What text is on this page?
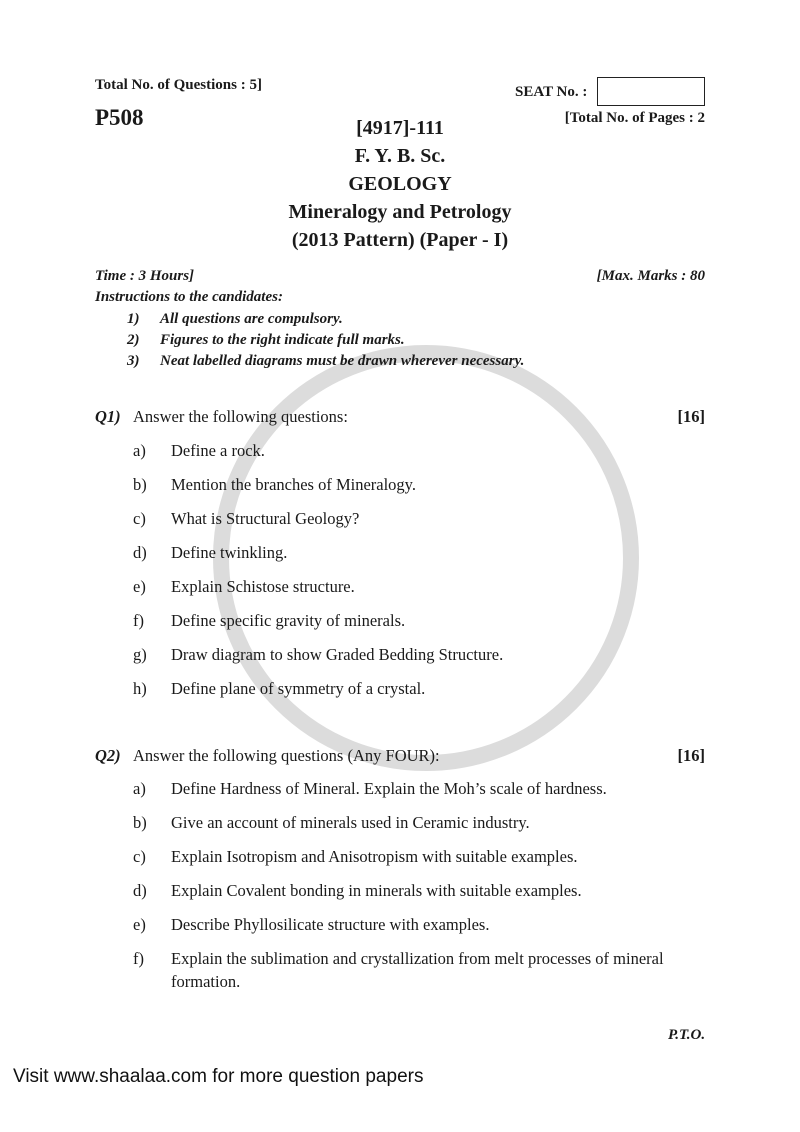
Total No. of Questions : 5]
P508
SEAT No. :
[Total No. of Pages : 2
[4917]-111
F. Y. B. Sc.
GEOLOGY
Mineralogy and Petrology
(2013 Pattern) (Paper - I)
Time : 3 Hours]	[Max. Marks : 80
Instructions to the candidates:
1) All questions are compulsory.
2) Figures to the right indicate full marks.
3) Neat labelled diagrams must be drawn wherever necessary.
Q1) Answer the following questions:	[16]
a) Define a rock.
b) Mention the branches of Mineralogy.
c) What is Structural Geology?
d) Define twinkling.
e) Explain Schistose structure.
f) Define specific gravity of minerals.
g) Draw diagram to show Graded Bedding Structure.
h) Define plane of symmetry of a crystal.
Q2) Answer the following questions (Any FOUR):	[16]
a) Define Hardness of Mineral. Explain the Moh’s scale of hardness.
b) Give an account of minerals used in Ceramic industry.
c) Explain Isotropism and Anisotropism with suitable examples.
d) Explain Covalent bonding in minerals with suitable examples.
e) Describe Phyllosilicate structure with examples.
f) Explain the sublimation and crystallization from melt processes of mineral
formation.
P.T.O.
Visit www.shaalaa.com for more question papers
